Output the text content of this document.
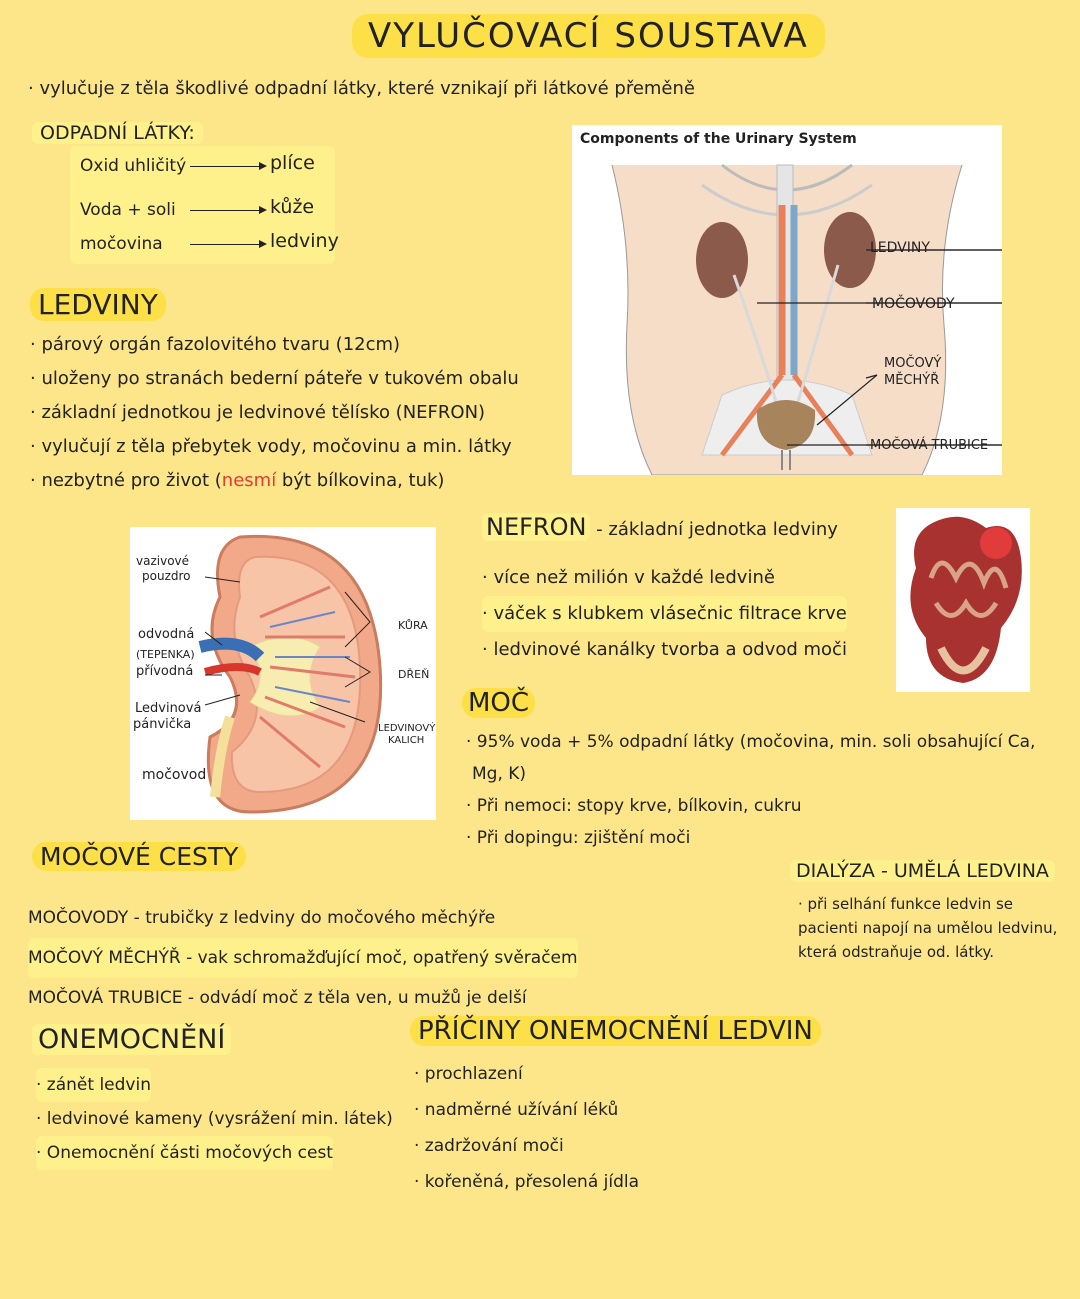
VYLUČOVACÍ SOUSTAVA
· vylučuje z těla škodlivé odpadní látky, které vznikají při látkové přeměně
ODPADNÍ LÁTKY:
Oxid uhličitý	plíce
Voda + soli	kůže
močovina	ledviny
LEDVINY
· párový orgán fazolovitého tvaru (12cm)
· uloženy po stranách bederní páteře v tukovém obalu
· základní jednotkou je ledvinové tělísko (NEFRON)
· vylučují z těla přebytek vody, močovinu a min. látky
· nezbytné pro život (nesmí být bílkovina, tuk)
Components of the Urinary System
LEDVINY
MOČOVODY
MOČOVÝ
MĚCHÝŘ
MOČOVÁ TRUBICE
vazivové
pouzdro
odvodná
(TEPENKA)
přívodná
Ledvinová
pánvička
močovod
KŮRA
DŘEŇ
LEDVINOVÝ
KALICH
NEFRON - základní jednotka ledviny
· více než milión v každé ledvině
· váček s klubkem vlásečnic filtrace krve
· ledvinové kanálky tvorba a odvod moči
MOČ
· 95% voda + 5% odpadní látky (močovina, min. soli obsahující Ca,
Mg, K)
· Při nemoci: stopy krve, bílkovin, cukru
· Při dopingu: zjištění moči
MOČOVÉ CESTY
MOČOVODY - trubičky z ledviny do močového měchýře
MOČOVÝ MĚCHÝŘ - vak schromažďující moč, opatřený svěračem
MOČOVÁ TRUBICE - odvádí moč z těla ven, u mužů je delší
DIALÝZA - UMĚLÁ LEDVINA
· při selhání funkce ledvin se pacienti napojí na umělou ledvinu, která odstraňuje od. látky.
ONEMOCNĚNÍ
· zánět ledvin
· ledvinové kameny (vysrážení min. látek)
· Onemocnění části močových cest
PŘÍČINY ONEMOCNĚNÍ LEDVIN
· prochlazení
· nadměrné užívání léků
· zadržování moči
· kořeněná, přesolená jídla
